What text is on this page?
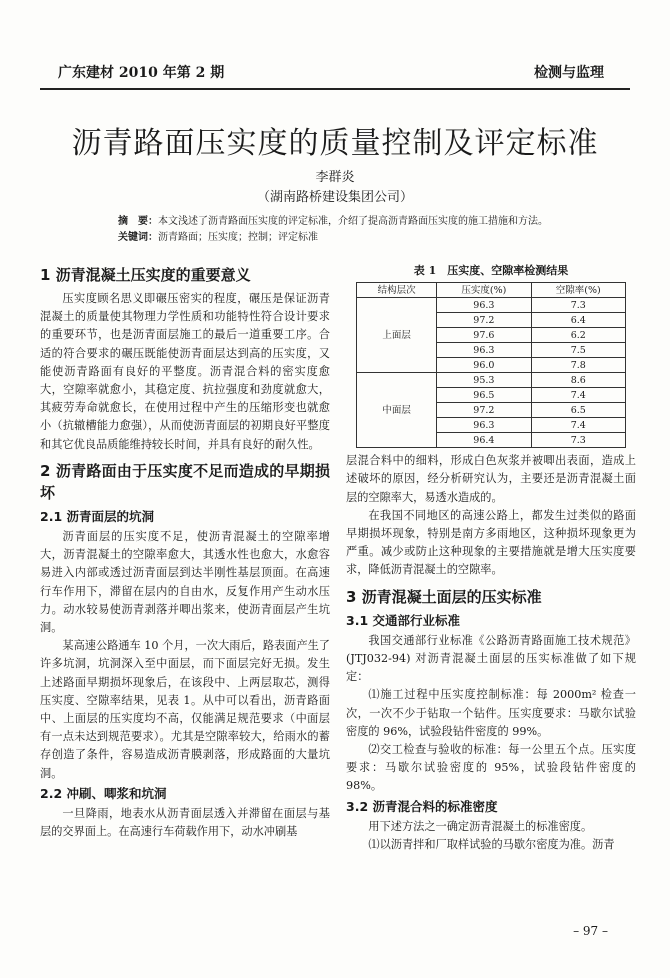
广东建材 2010 年第 2 期	检测与监理
沥青路面压实度的质量控制及评定标准
李群炎
（湖南路桥建设集团公司）
摘　要：本文浅述了沥青路面压实度的评定标准，介绍了提高沥青路面压实度的施工措施和方法。
关键词：沥青路面；压实度；控制；评定标准
1 沥青混凝土压实度的重要意义

压实度顾名思义即碾压密实的程度，碾压是保证沥青混凝土的质量使其物理力学性质和功能特性符合设计要求的重要环节，也是沥青面层施工的最后一道重要工序。合适的符合要求的碾压既能使沥青面层达到高的压实度，又能使沥青路面有良好的平整度。沥青混合料的密实度愈大，空隙率就愈小，其稳定度、抗拉强度和劲度就愈大，其疲劳寿命就愈长，在使用过程中产生的压缩形变也就愈小（抗辙槽能力愈强），从而使沥青面层的初期良好平整度和其它优良品质能维持较长时间，并具有良好的耐久性。

2 沥青路面由于压实度不足而造成的早期损坏
2.1 沥青面层的坑洞

沥青面层的压实度不足，使沥青混凝土的空隙率增大，沥青混凝土的空隙率愈大，其透水性也愈大，水愈容易进入内部或透过沥青面层到达半刚性基层顶面。在高速行车作用下，滞留在层内的自由水，反复作用产生动水压力。动水较易使沥青剥落并唧出浆来，使沥青面层产生坑洞。

某高速公路通车 10 个月，一次大雨后，路表面产生了许多坑洞，坑洞深入至中面层，而下面层完好无损。发生上述路面早期损坏现象后，在该段中、上两层取芯，测得压实度、空隙率结果，见表 1。从中可以看出，沥青路面中、上面层的压实度均不高，仅能满足规范要求（中面层有一点未达到规范要求）。尤其是空隙率较大，给雨水的蓄存创造了条件，容易造成沥青膜剥落，形成路面的大量坑洞。

2.2 冲刷、唧浆和坑洞

一旦降雨，地表水从沥青面层透入并滞留在面层与基层的交界面上。在高速行车荷载作用下，动水冲刷基

表 1　压实度、空隙率检测结果
结构层次	压实度(%)	空隙率(%)
上面层	96.3	7.3
	97.2	6.4
	97.6	6.2
	96.3	7.5
	96.0	7.8
中面层	95.3	8.6
	96.5	7.4
	97.2	6.5
	96.3	7.4
	96.4	7.3

层混合料中的细料，形成白色灰浆并被唧出表面，造成上述破坏的原因，经分析研究认为，主要还是沥青混凝土面层的空隙率大，易透水造成的。

在我国不同地区的高速公路上，都发生过类似的路面早期损坏现象，特别是南方多雨地区，这种损坏现象更为严重。减少或防止这种现象的主要措施就是增大压实度要求，降低沥青混凝土的空隙率。

3 沥青混凝土面层的压实标准
3.1 交通部行业标准

我国交通部行业标准《公路沥青路面施工技术规范》(JTJ032-94) 对沥青混凝土面层的压实标准做了如下规定：

⑴施工过程中压实度控制标准：每 2000m² 检查一次，一次不少于钻取一个钻件。压实度要求：马歇尔试验密度的 96%，试验段钻件密度的 99%。

⑵交工检查与验收的标准：每一公里五个点。压实度要求：马歇尔试验密度的 95%，试验段钻件密度的 98%。

3.2 沥青混合料的标准密度

用下述方法之一确定沥青混凝土的标准密度。

⑴以沥青拌和厂取样试验的马歇尔密度为准。沥青

– 97 –
